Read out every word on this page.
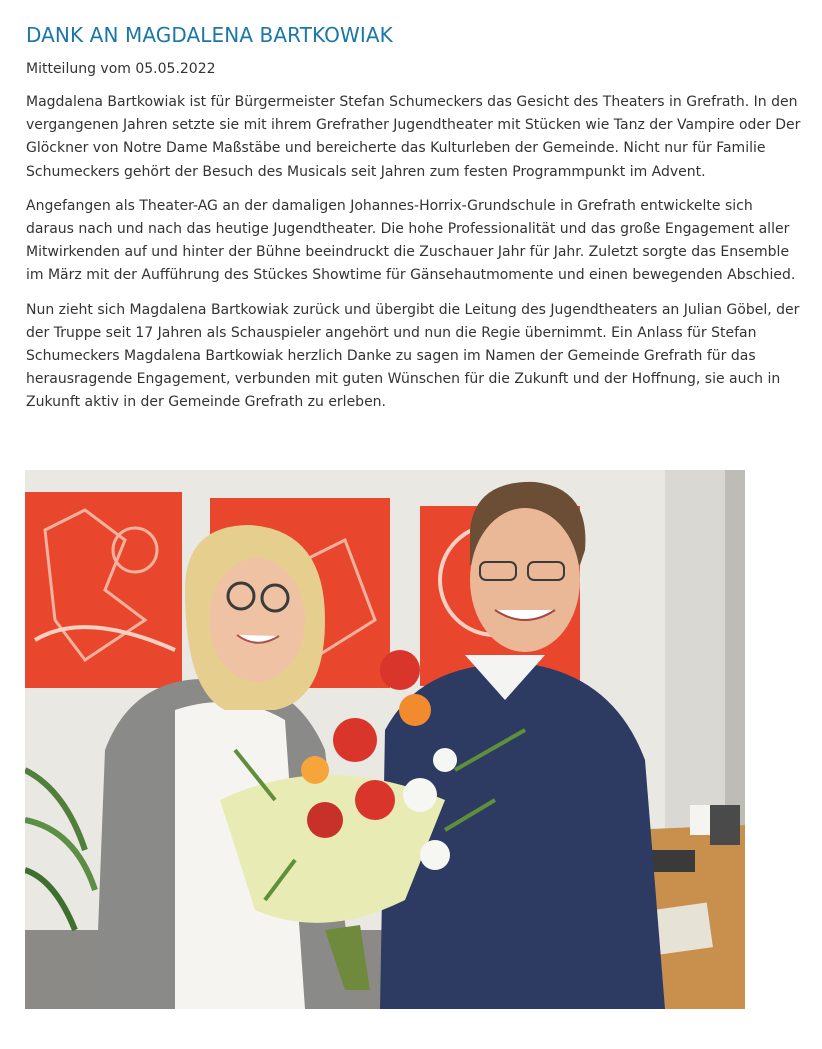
DANK AN MAGDALENA BARTKOWIAK
Mitteilung vom 05.05.2022

Magdalena Bartkowiak ist für Bürgermeister Stefan Schumeckers das Gesicht des Theaters in Grefrath. In den vergangenen Jahren setzte sie mit ihrem Grefrather Jugendtheater mit Stücken wie Tanz der Vampire oder Der Glöckner von Notre Dame Maßstäbe und bereicherte das Kulturleben der Gemeinde. Nicht nur für Familie Schumeckers gehört der Besuch des Musicals seit Jahren zum festen Programmpunkt im Advent.

Angefangen als Theater-AG an der damaligen Johannes-Horrix-Grundschule in Grefrath entwickelte sich daraus nach und nach das heutige Jugendtheater. Die hohe Professionalität und das große Engagement aller Mitwirkenden auf und hinter der Bühne beeindruckt die Zuschauer Jahr für Jahr. Zuletzt sorgte das Ensemble im März mit der Aufführung des Stückes Showtime für Gänsehautmomente und einen bewegenden Abschied.

Nun zieht sich Magdalena Bartkowiak zurück und übergibt die Leitung des Jugendtheaters an Julian Göbel, der der Truppe seit 17 Jahren als Schauspieler angehört und nun die Regie übernimmt. Ein Anlass für Stefan Schumeckers Magdalena Bartkowiak herzlich Danke zu sagen im Namen der Gemeinde Grefrath für das herausragende Engagement, verbunden mit guten Wünschen für die Zukunft und der Hoffnung, sie auch in Zukunft aktiv in der Gemeinde Grefrath zu erleben.
